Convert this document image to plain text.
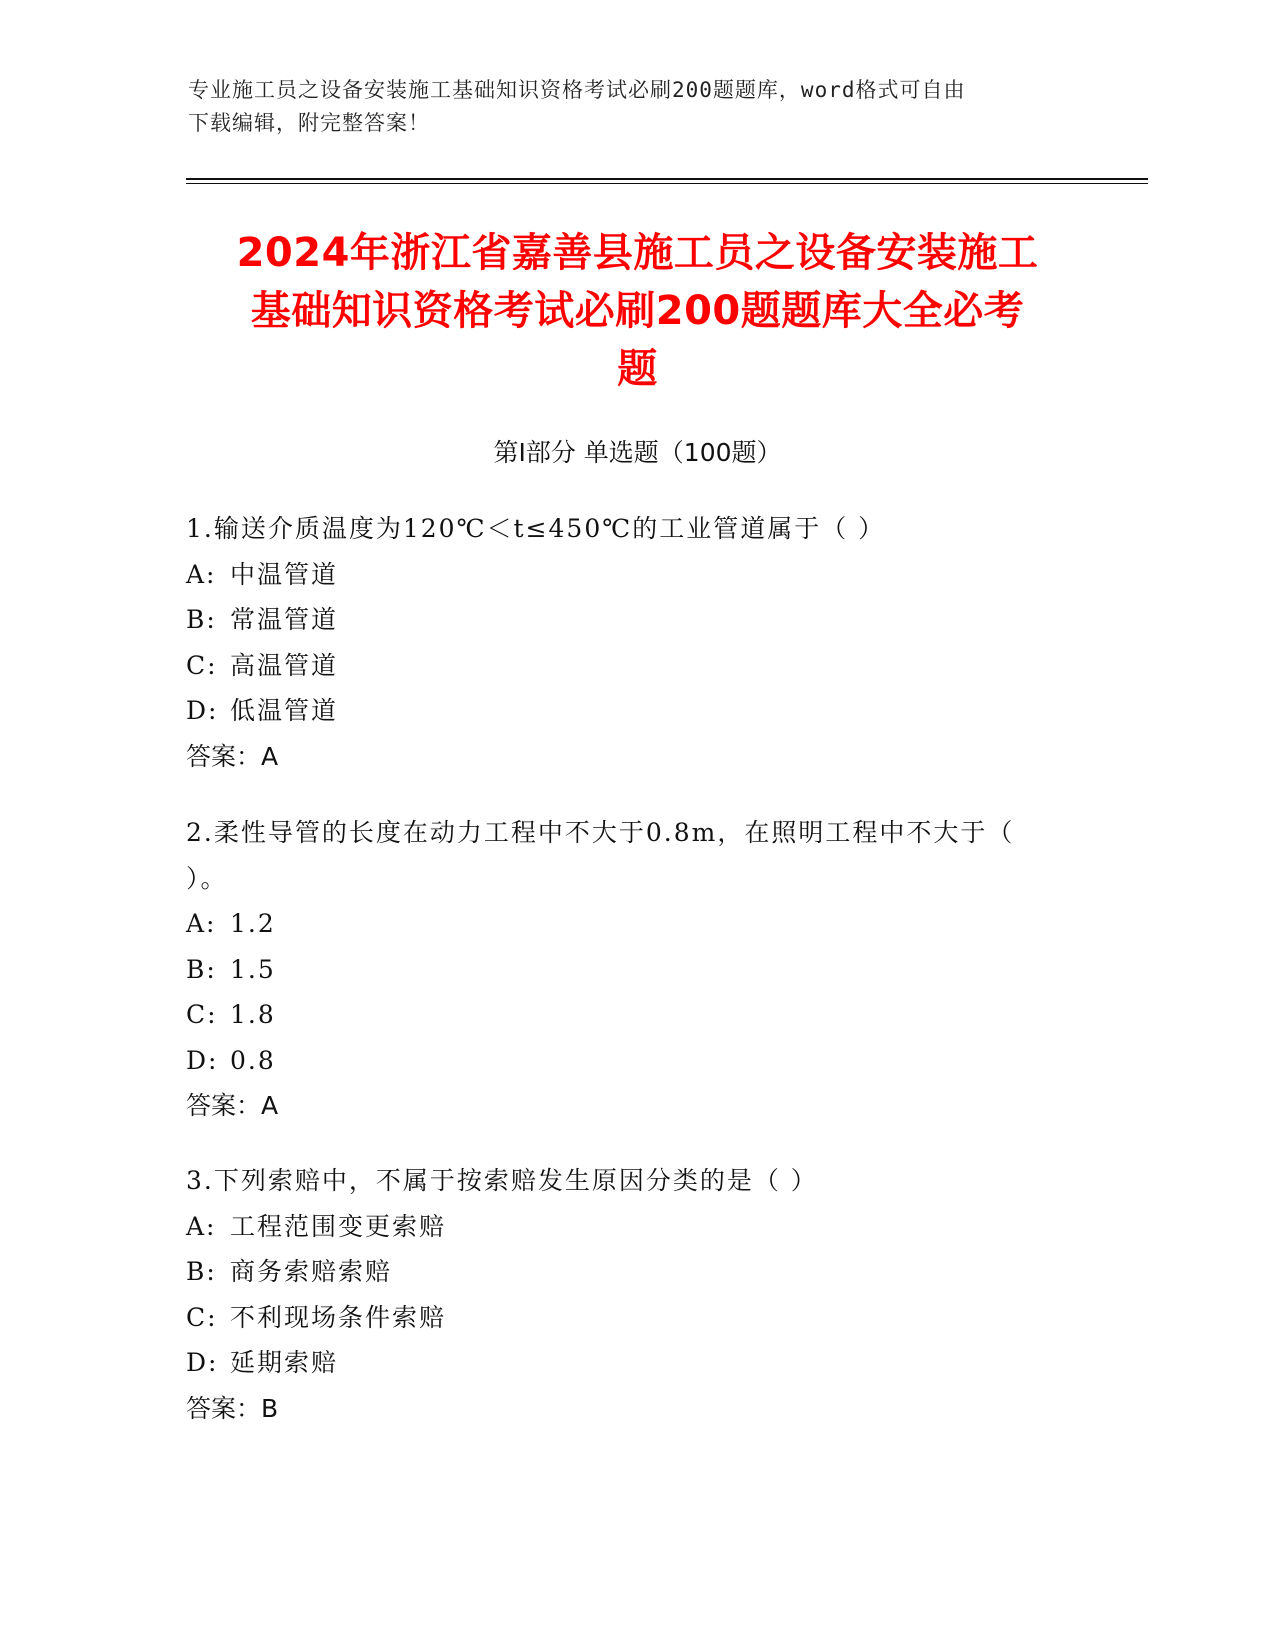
专业施工员之设备安装施工基础知识资格考试必刷200题题库，word格式可自由
下载编辑，附完整答案！
2024年浙江省嘉善县施工员之设备安装施工
基础知识资格考试必刷200题题库大全必考
题
第Ⅰ部分 单选题（100题）
1.输送介质温度为120℃＜t≤450℃的工业管道属于（ ）
A: 中温管道
B: 常温管道
C: 高温管道
D: 低温管道
答案：A
2.柔性导管的长度在动力工程中不大于0.8m，在照明工程中不大于（
）。
A: 1.2
B: 1.5
C: 1.8
D: 0.8
答案：A
3.下列索赔中，不属于按索赔发生原因分类的是（ ）
A: 工程范围变更索赔
B: 商务索赔索赔
C: 不利现场条件索赔
D: 延期索赔
答案：B
